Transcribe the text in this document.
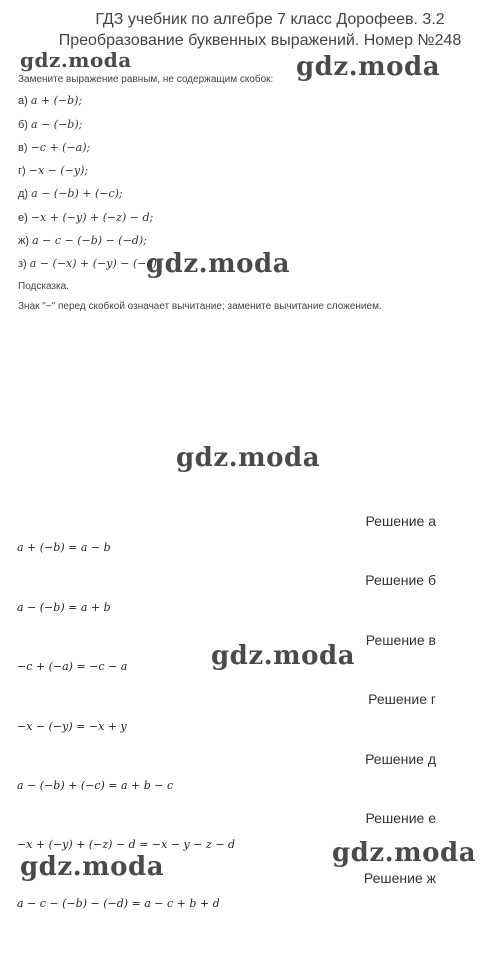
ГДЗ учебник по алгебре 7 класс Дорофеев. 3.2
Преобразование буквенных выражений. Номер №248
Замените выражение равным, не содержащим скобок:
а) a + (−b);
б) a − (−b);
в) −c + (−a);
г) −x − (−y);
д) a − (−b) + (−c);
е) −x + (−y) + (−z) − d;
ж) a − c − (−b) − (−d);
з) a − (−x) + (−y) − (−c).
Подсказка.
Знак "−" перед скобкой означает вычитание; замените вычитание сложением.
Решение а
a + (−b) = a − b
Решение б
a − (−b) = a + b
Решение в
−c + (−a) = −c − a
Решение г
−x − (−y) = −x + y
Решение д
a − (−b) + (−c) = a + b − c
Решение е
−x + (−y) + (−z) − d = −x − y − z − d
Решение ж
a − c − (−b) − (−d) = a − c + b + d
gdz.moda	gdz.moda
gdz.moda
gdz.moda
gdz.moda
gdz.moda
gdz.moda
